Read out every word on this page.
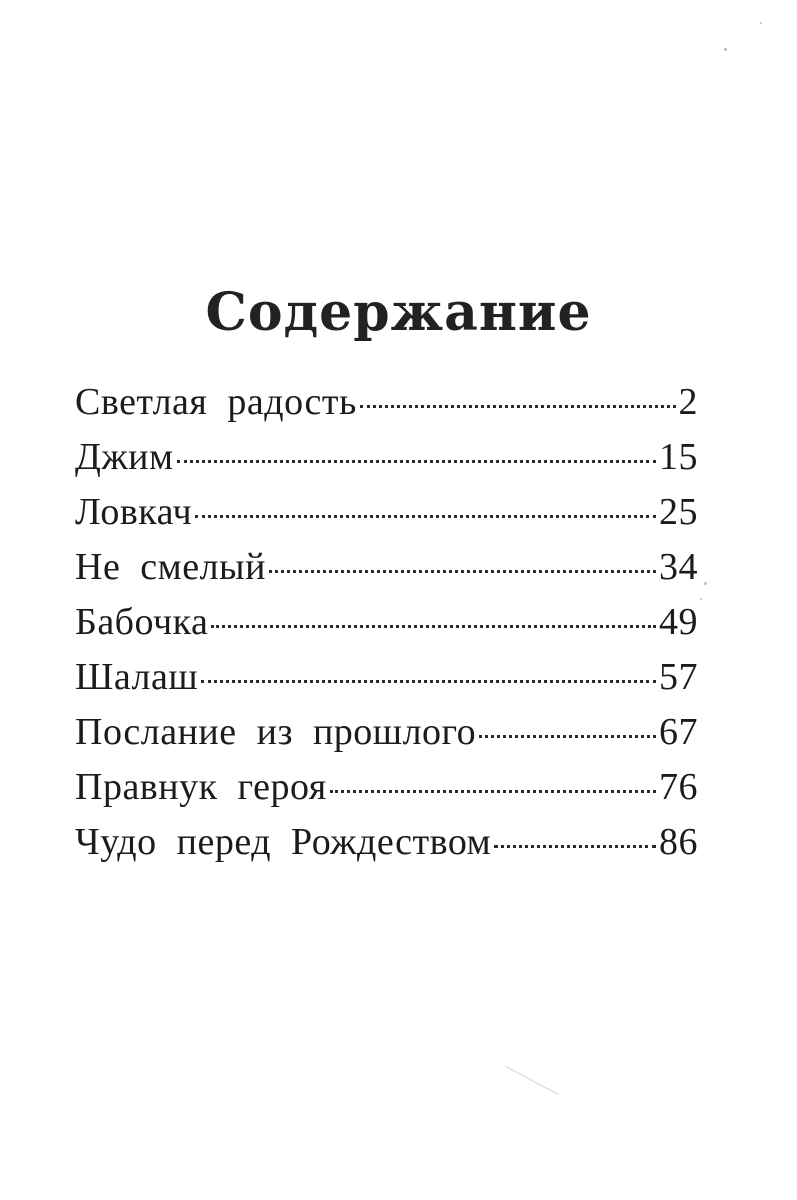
Содержание
Светлая радость	2
Джим	15
Ловкач	25
Не смелый	34
Бабочка	49
Шалаш	57
Послание из прошлого	67
Правнук героя	76
Чудо перед Рождеством	86
